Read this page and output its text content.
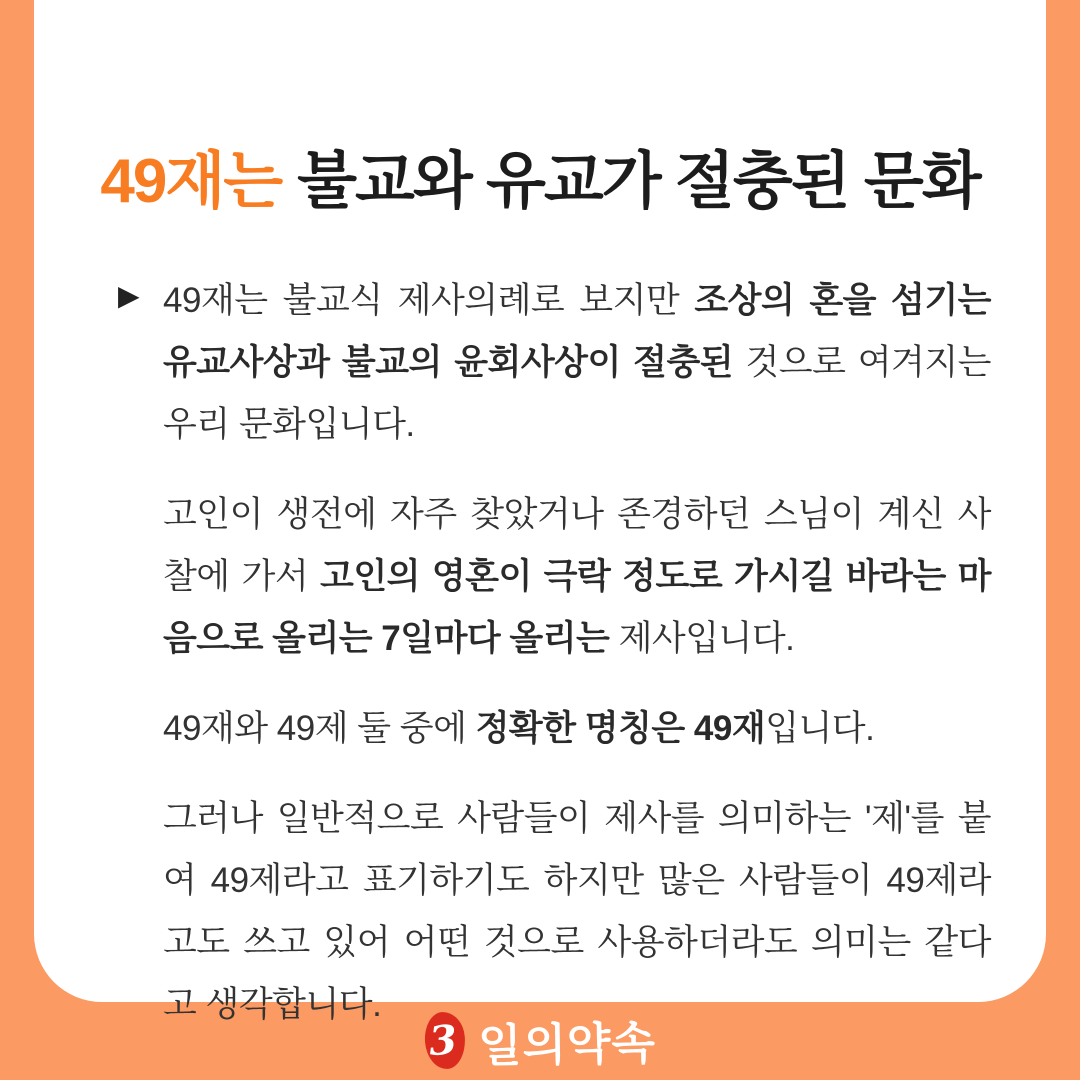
49재는 불교와 유교가 절충된 문화
▶ 49재는 불교식 제사의례로 보지만 조상의 혼을 섬기는 유교사상과 불교의 윤회사상이 절충된 것으로 여겨지는 우리 문화입니다.

고인이 생전에 자주 찾았거나 존경하던 스님이 계신 사찰에 가서 고인의 영혼이 극락 정도로 가시길 바라는 마음으로 올리는 7일마다 올리는 제사입니다.

49재와 49제 둘 중에 정확한 명칭은 49재입니다.

그러나 일반적으로 사람들이 제사를 의미하는 '제'를 붙여 49제라고 표기하기도 하지만 많은 사람들이 49제라고도 쓰고 있어 어떤 것으로 사용하더라도 의미는 같다고 생각합니다.

3 일의약속
